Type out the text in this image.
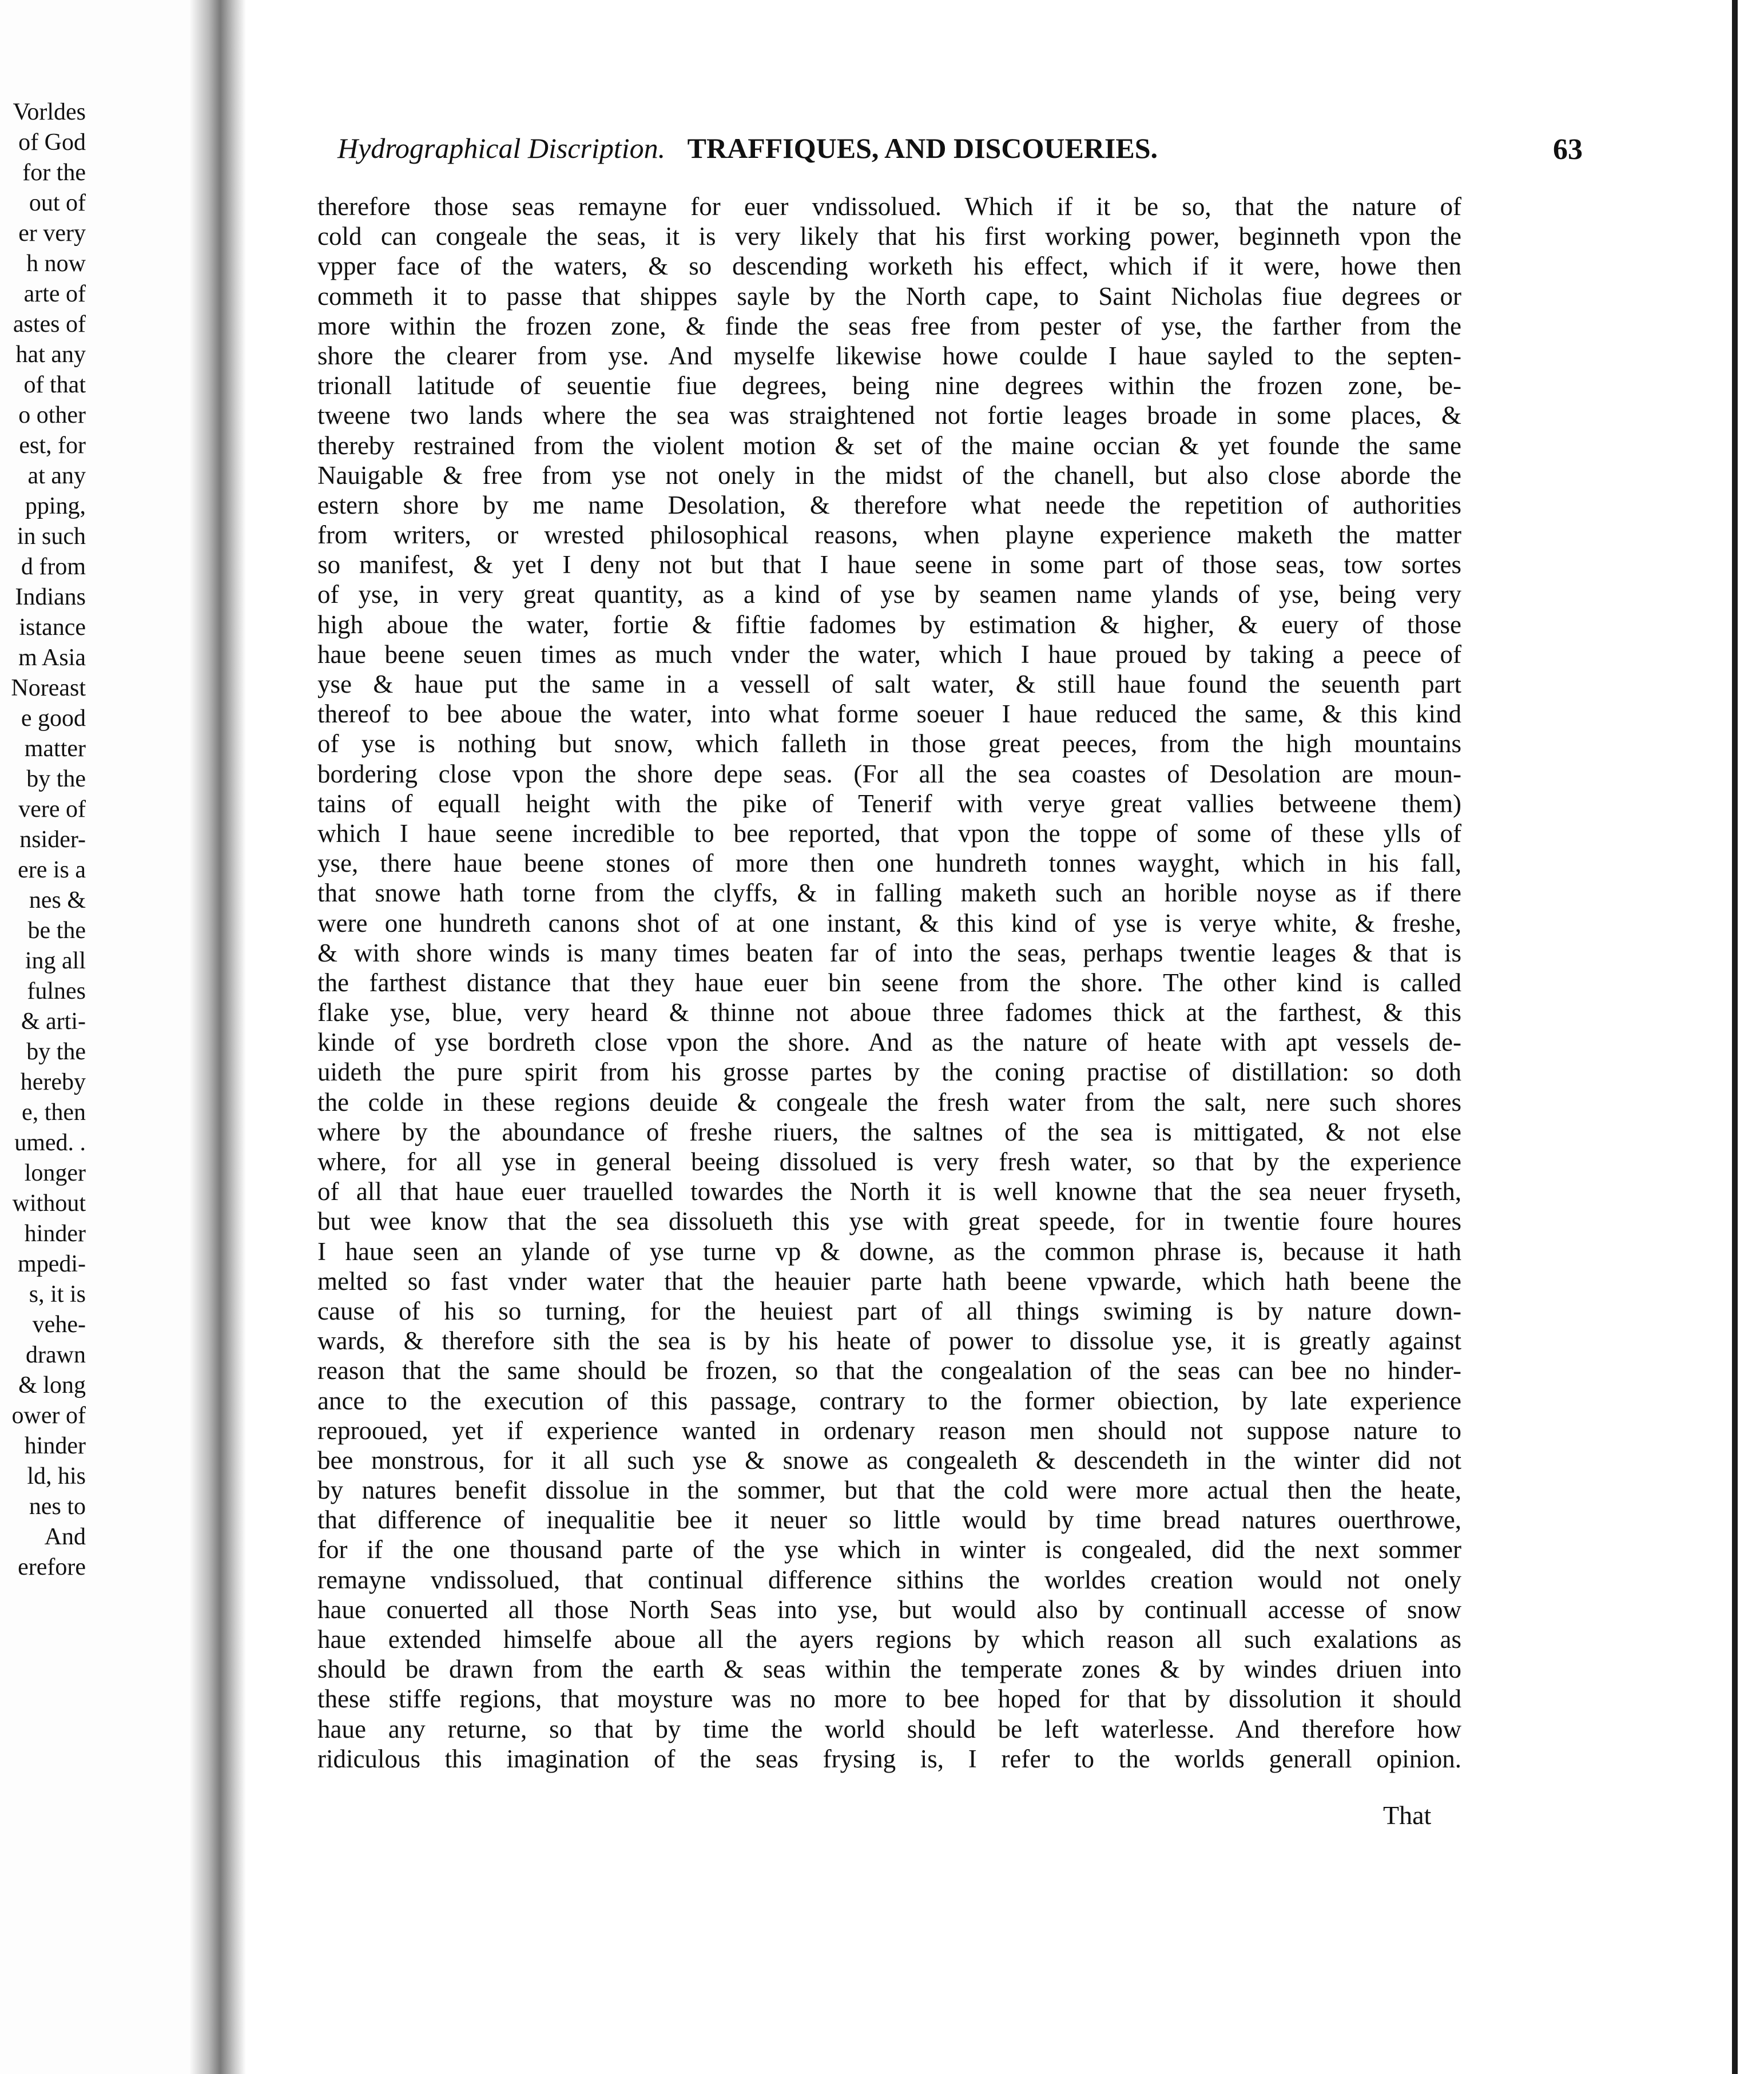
Vorldes
of God
for the
out of
er very
h now
arte of
astes of
hat any
of that
o other
est, for
at any
pping,
in such
d from
Indians
istance
m Asia
Noreast
e good
matter
by the
vere of
nsider-
ere is a
nes &
be the
ing all
fulnes
& arti-
by the
hereby
e, then
umed. .
longer
without
hinder
mpedi-
s, it is
vehe-
drawn
& long
ower of
hinder
ld, his
nes to
And
erefore
Hydrographical Discription. TRAFFIQUES, AND DISCOUERIES.	63
therefore those seas remayne for euer vndissolued. Which if it be so, that the nature of
cold can congeale the seas, it is very likely that his first working power, beginneth vpon the
vpper face of the waters, & so descending worketh his effect, which if it were, howe then
commeth it to passe that shippes sayle by the North cape, to Saint Nicholas fiue degrees or
more within the frozen zone, & finde the seas free from pester of yse, the farther from the
shore the clearer from yse. And myselfe likewise howe coulde I haue sayled to the septen-
trionall latitude of seuentie fiue degrees, being nine degrees within the frozen zone, be-
tweene two lands where the sea was straightened not fortie leages broade in some places, &
thereby restrained from the violent motion & set of the maine occian & yet founde the same
Nauigable & free from yse not onely in the midst of the chanell, but also close aborde the
estern shore by me name Desolation, & therefore what neede the repetition of authorities
from writers, or wrested philosophical reasons, when playne experience maketh the matter
so manifest, & yet I deny not but that I haue seene in some part of those seas, tow sortes
of yse, in very great quantity, as a kind of yse by seamen name ylands of yse, being very
high aboue the water, fortie & fiftie fadomes by estimation & higher, & euery of those
haue beene seuen times as much vnder the water, which I haue proued by taking a peece of
yse & haue put the same in a vessell of salt water, & still haue found the seuenth part
thereof to bee aboue the water, into what forme soeuer I haue reduced the same, & this kind
of yse is nothing but snow, which falleth in those great peeces, from the high mountains
bordering close vpon the shore depe seas. (For all the sea coastes of Desolation are moun-
tains of equall height with the pike of Tenerif with verye great vallies betweene them)
which I haue seene incredible to bee reported, that vpon the toppe of some of these ylls of
yse, there haue beene stones of more then one hundreth tonnes wayght, which in his fall,
that snowe hath torne from the clyffs, & in falling maketh such an horible noyse as if there
were one hundreth canons shot of at one instant, & this kind of yse is verye white, & freshe,
& with shore winds is many times beaten far of into the seas, perhaps twentie leages & that is
the farthest distance that they haue euer bin seene from the shore. The other kind is called
flake yse, blue, very heard & thinne not aboue three fadomes thick at the farthest, & this
kinde of yse bordreth close vpon the shore. And as the nature of heate with apt vessels de-
uideth the pure spirit from his grosse partes by the coning practise of distillation: so doth
the colde in these regions deuide & congeale the fresh water from the salt, nere such shores
where by the aboundance of freshe riuers, the saltnes of the sea is mittigated, & not else
where, for all yse in general beeing dissolued is very fresh water, so that by the experience
of all that haue euer trauelled towardes the North it is well knowne that the sea neuer fryseth,
but wee know that the sea dissolueth this yse with great speede, for in twentie foure houres
I haue seen an ylande of yse turne vp & downe, as the common phrase is, because it hath
melted so fast vnder water that the heauier parte hath beene vpwarde, which hath beene the
cause of his so turning, for the heuiest part of all things swiming is by nature down-
wards, & therefore sith the sea is by his heate of power to dissolue yse, it is greatly against
reason that the same should be frozen, so that the congealation of the seas can bee no hinder-
ance to the execution of this passage, contrary to the former obiection, by late experience
reprooued, yet if experience wanted in ordenary reason men should not suppose nature to
bee monstrous, for it all such yse & snowe as congealeth & descendeth in the winter did not
by natures benefit dissolue in the sommer, but that the cold were more actual then the heate,
that difference of inequalitie bee it neuer so little would by time bread natures ouerthrowe,
for if the one thousand parte of the yse which in winter is congealed, did the next sommer
remayne vndissolued, that continual difference sithins the worldes creation would not onely
haue conuerted all those North Seas into yse, but would also by continuall accesse of snow
haue extended himselfe aboue all the ayers regions by which reason all such exalations as
should be drawn from the earth & seas within the temperate zones & by windes driuen into
these stiffe regions, that moysture was no more to bee hoped for that by dissolution it should
haue any returne, so that by time the world should be left waterlesse. And therefore how
ridiculous this imagination of the seas frysing is, I refer to the worlds generall opinion.
That
